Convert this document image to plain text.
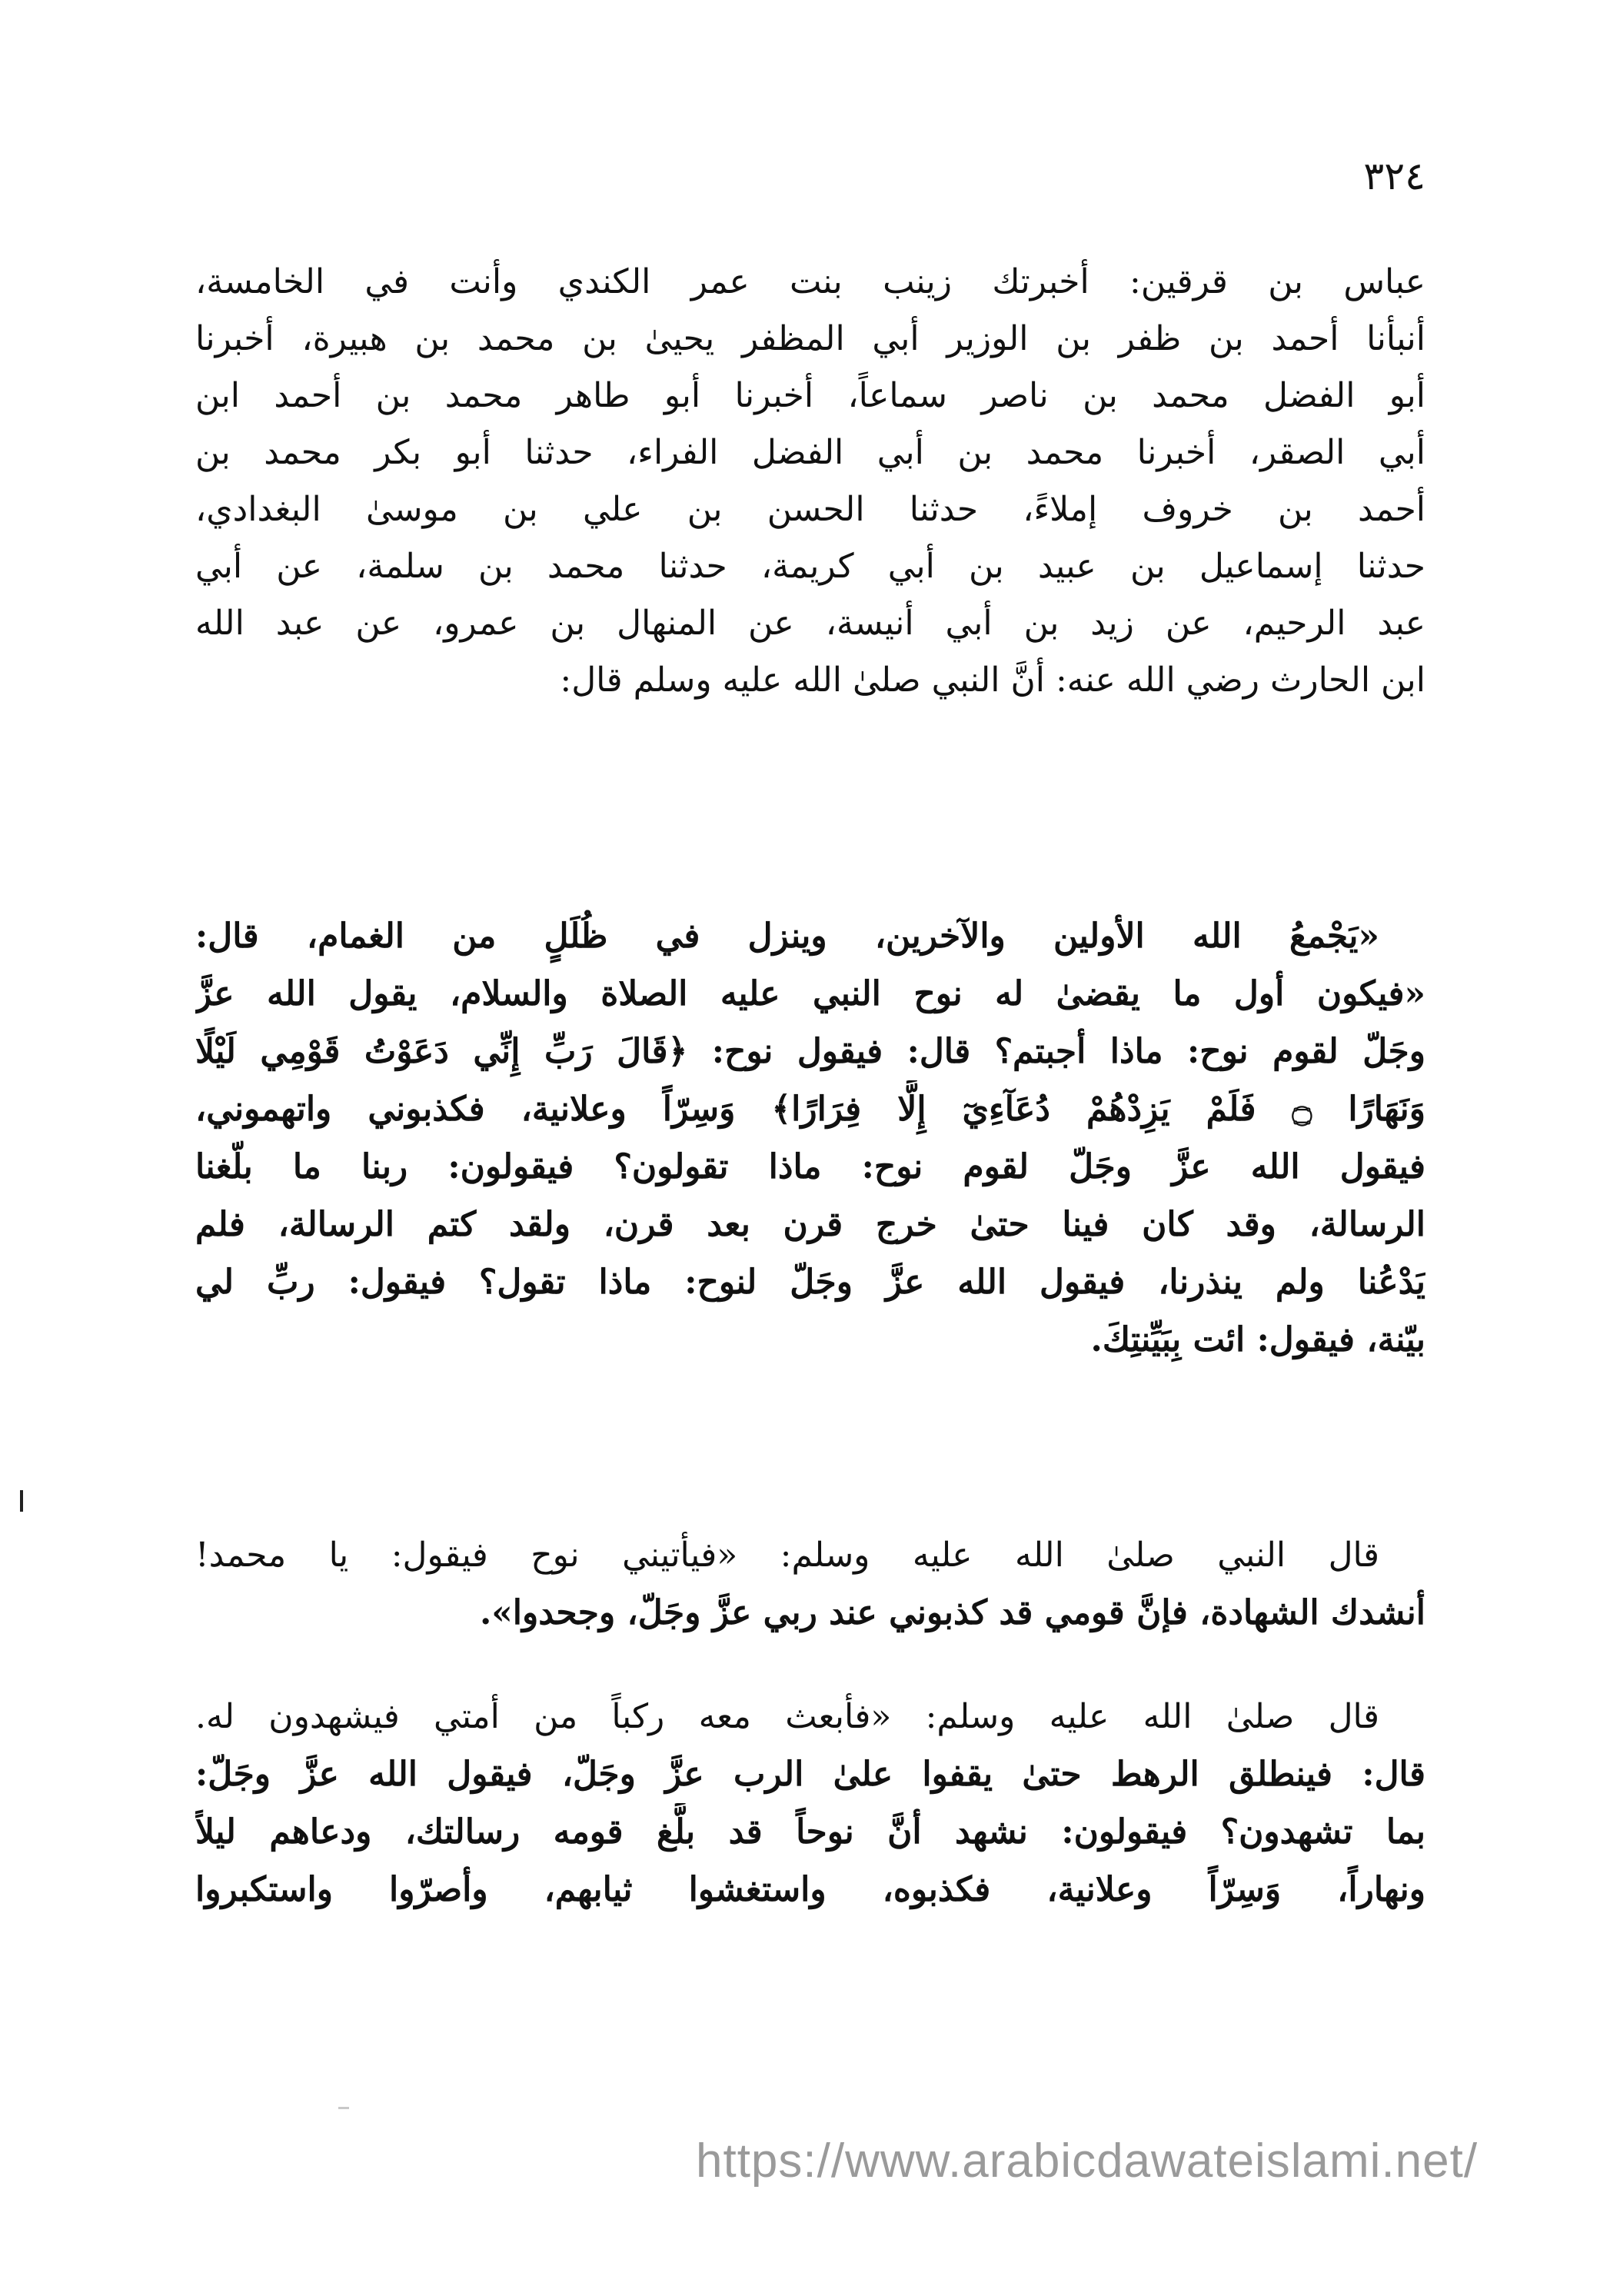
٣٢٤
عباس بن قرقين: أخبرتك زينب بنت عمر الكندي وأنت في الخامسة،
أنبأنا أحمد بن ظفر بن الوزير أبي المظفر يحيىٰ بن محمد بن هبيرة، أخبرنا
أبو الفضل محمد بن ناصر سماعاً، أخبرنا أبو طاهر محمد بن أحمد ابن
أبي الصقر، أخبرنا محمد بن أبي الفضل الفراء، حدثنا أبو بكر محمد بن
أحمد بن خروف إملاءً، حدثنا الحسن بن علي بن موسىٰ البغدادي،
حدثنا إسماعيل بن عبيد بن أبي كريمة، حدثنا محمد بن سلمة، عن أبي
عبد الرحيم، عن زيد بن أبي أنيسة، عن المنهال بن عمرو، عن عبد الله
ابن الحارث رضي الله عنه: أنَّ النبي صلىٰ الله عليه وسلم قال:
«يَجْمعُ الله الأولين والآخرين، وينزل في ظُلَلٍ من الغمام، قال:
«فيكون أول ما يقضىٰ له نوح النبي عليه الصلاة والسلام، يقول الله عزَّ
وجَلّ لقوم نوح: ماذا أجبتم؟ قال: فيقول نوح: ﴿قَالَ رَبِّ إِنِّي دَعَوْتُ قَوْمِي لَيْلًا
وَنَهَارًا ۝ فَلَمْ يَزِدْهُمْ دُعَآءِيٓ إِلَّا فِرَارًا﴾ وَسِرّاً وعلانية، فكذبوني واتهموني،
فيقول الله عزَّ وجَلّ لقوم نوح: ماذا تقولون؟ فيقولون: ربنا ما بلّغنا
الرسالة، وقد كان فينا حتىٰ خرج قرن بعد قرن، ولقد كتم الرسالة، فلم
يَدْعُنا ولم ينذرنا، فيقول الله عزَّ وجَلّ لنوح: ماذا تقول؟ فيقول: ربِّ لي
بيّنة، فيقول: ائت بِبَيِّنتِكَ.
قال النبي صلىٰ الله عليه وسلم: «فيأتيني نوح فيقول: يا محمد!
أنشدك الشهادة، فإنَّ قومي قد كذبوني عند ربي عزَّ وجَلّ، وجحدوا».
قال صلىٰ الله عليه وسلم: «فأبعث معه ركباً من أمتي فيشهدون له.
قال: فينطلق الرهط حتىٰ يقفوا علىٰ الرب عزَّ وجَلّ، فيقول الله عزَّ وجَلّ:
بما تشهدون؟ فيقولون: نشهد أنَّ نوحاً قد بلَّغ قومه رسالتك، ودعاهم ليلاً
ونهاراً، وَسِرّاً وعلانية، فكذبوه، واستغشوا ثيابهم، وأصرّوا واستكبروا
https://www.arabicdawateislami.net/
